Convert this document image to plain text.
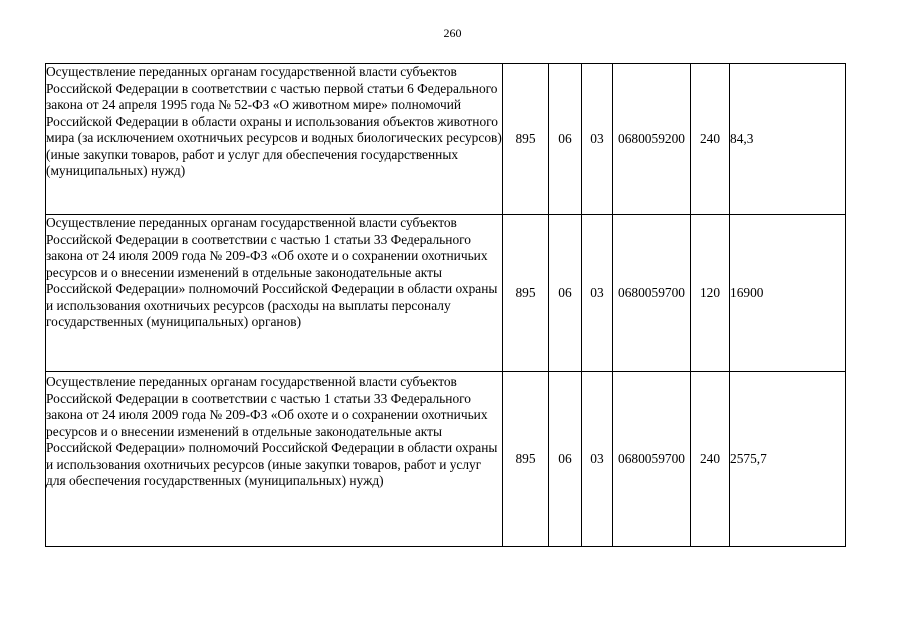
260
Осуществление переданных органам государственной власти субъектов Российской Федерации в соответствии с частью первой статьи 6 Федерального закона от 24 апреля 1995 года № 52-ФЗ «О животном мире» полномочий Российской Федерации в области охраны и использования объектов животного мира (за исключением охотничьих ресурсов и водных биологических ресурсов) (иные закупки товаров, работ и услуг для обеспечения государственных (муниципальных) нужд)	895	06	03	0680059200	240	84,3
Осуществление переданных органам государственной власти субъектов Российской Федерации в соответствии с частью 1 статьи 33 Федерального закона от 24 июля 2009 года № 209-ФЗ «Об охоте и о сохранении охотничьих ресурсов и о внесении изменений в отдельные законодательные акты Российской Федерации» полномочий Российской Федерации в области охраны и использования охотничьих ресурсов (расходы на выплаты персоналу государственных (муниципальных) органов)	895	06	03	0680059700	120	16900
Осуществление переданных органам государственной власти субъектов Российской Федерации в соответствии с частью 1 статьи 33 Федерального закона от 24 июля 2009 года № 209-ФЗ «Об охоте и о сохранении охотничьих ресурсов и о внесении изменений в отдельные законодательные акты Российской Федерации» полномочий Российской Федерации в области охраны и использования охотничьих ресурсов (иные закупки товаров, работ и услуг для обеспечения государственных (муниципальных) нужд)	895	06	03	0680059700	240	2575,7
